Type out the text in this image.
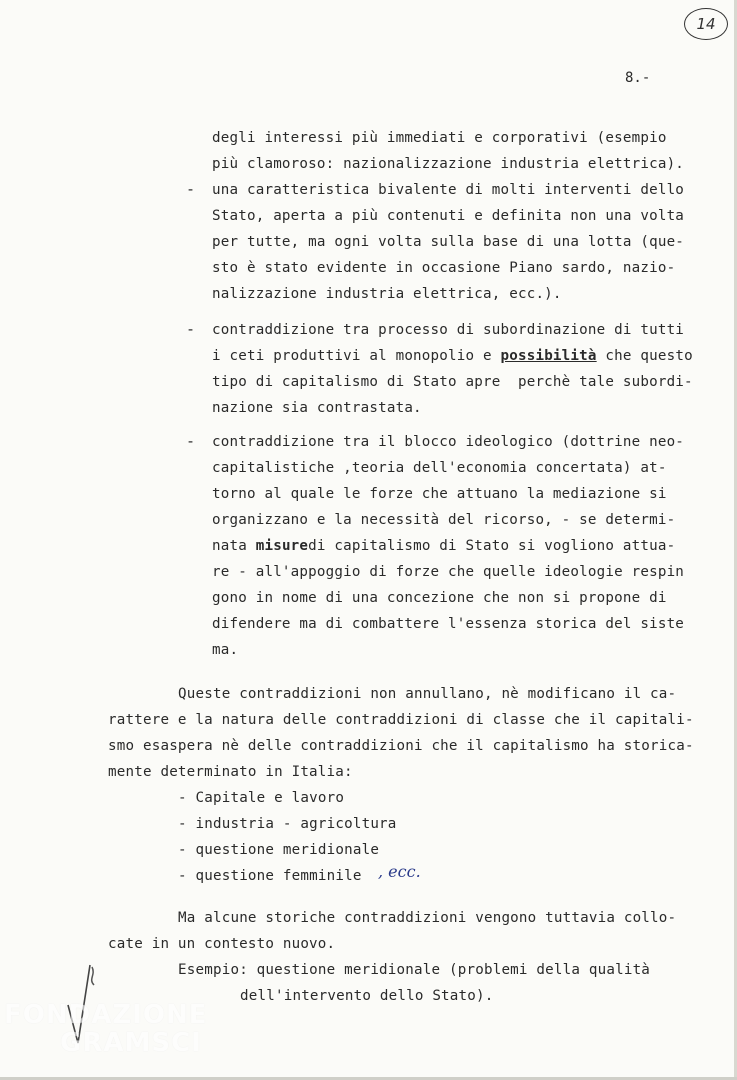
14
8.-
degli interessi più immediati e corporativi (esempio
più clamoroso: nazionalizzazione industria elettrica).
- una caratteristica bivalente di molti interventi dello
Stato, aperta a più contenuti e definita non una volta
per tutte, ma ogni volta sulla base di una lotta (que-
sto è stato evidente in occasione Piano sardo, nazio-
nalizzazione industria elettrica, ecc.).
- contraddizione tra processo di subordinazione di tutti
i ceti produttivi al monopolio e possibilità che questo
tipo di capitalismo di Stato apre  perchè tale subordi-
nazione sia contrastata.
- contraddizione tra il blocco ideologico (dottrine neo-
capitalistiche ,teoria dell'economia concertata) at-
torno al quale le forze che attuano la mediazione si
organizzano e la necessità del ricorso, - se determi-
nata misuredi capitalismo di Stato si vogliono attua-
re - all'appoggio di forze che quelle ideologie respin
gono in nome di una concezione che non si propone di
difendere ma di combattere l'essenza storica del siste
ma.
Queste contraddizioni non annullano, nè modificano il ca-
rattere e la natura delle contraddizioni di classe che il capitali-
smo esaspera nè delle contraddizioni che il capitalismo ha storica-
mente determinato in Italia:
- Capitale e lavoro
- industria - agricoltura
- questione meridionale
- questione femminile , ecc.
Ma alcune storiche contraddizioni vengono tuttavia collo-
cate in un contesto nuovo.
Esempio: questione meridionale (problemi della qualità
dell'intervento dello Stato).
FONDAZIONE
GRAMSCI
